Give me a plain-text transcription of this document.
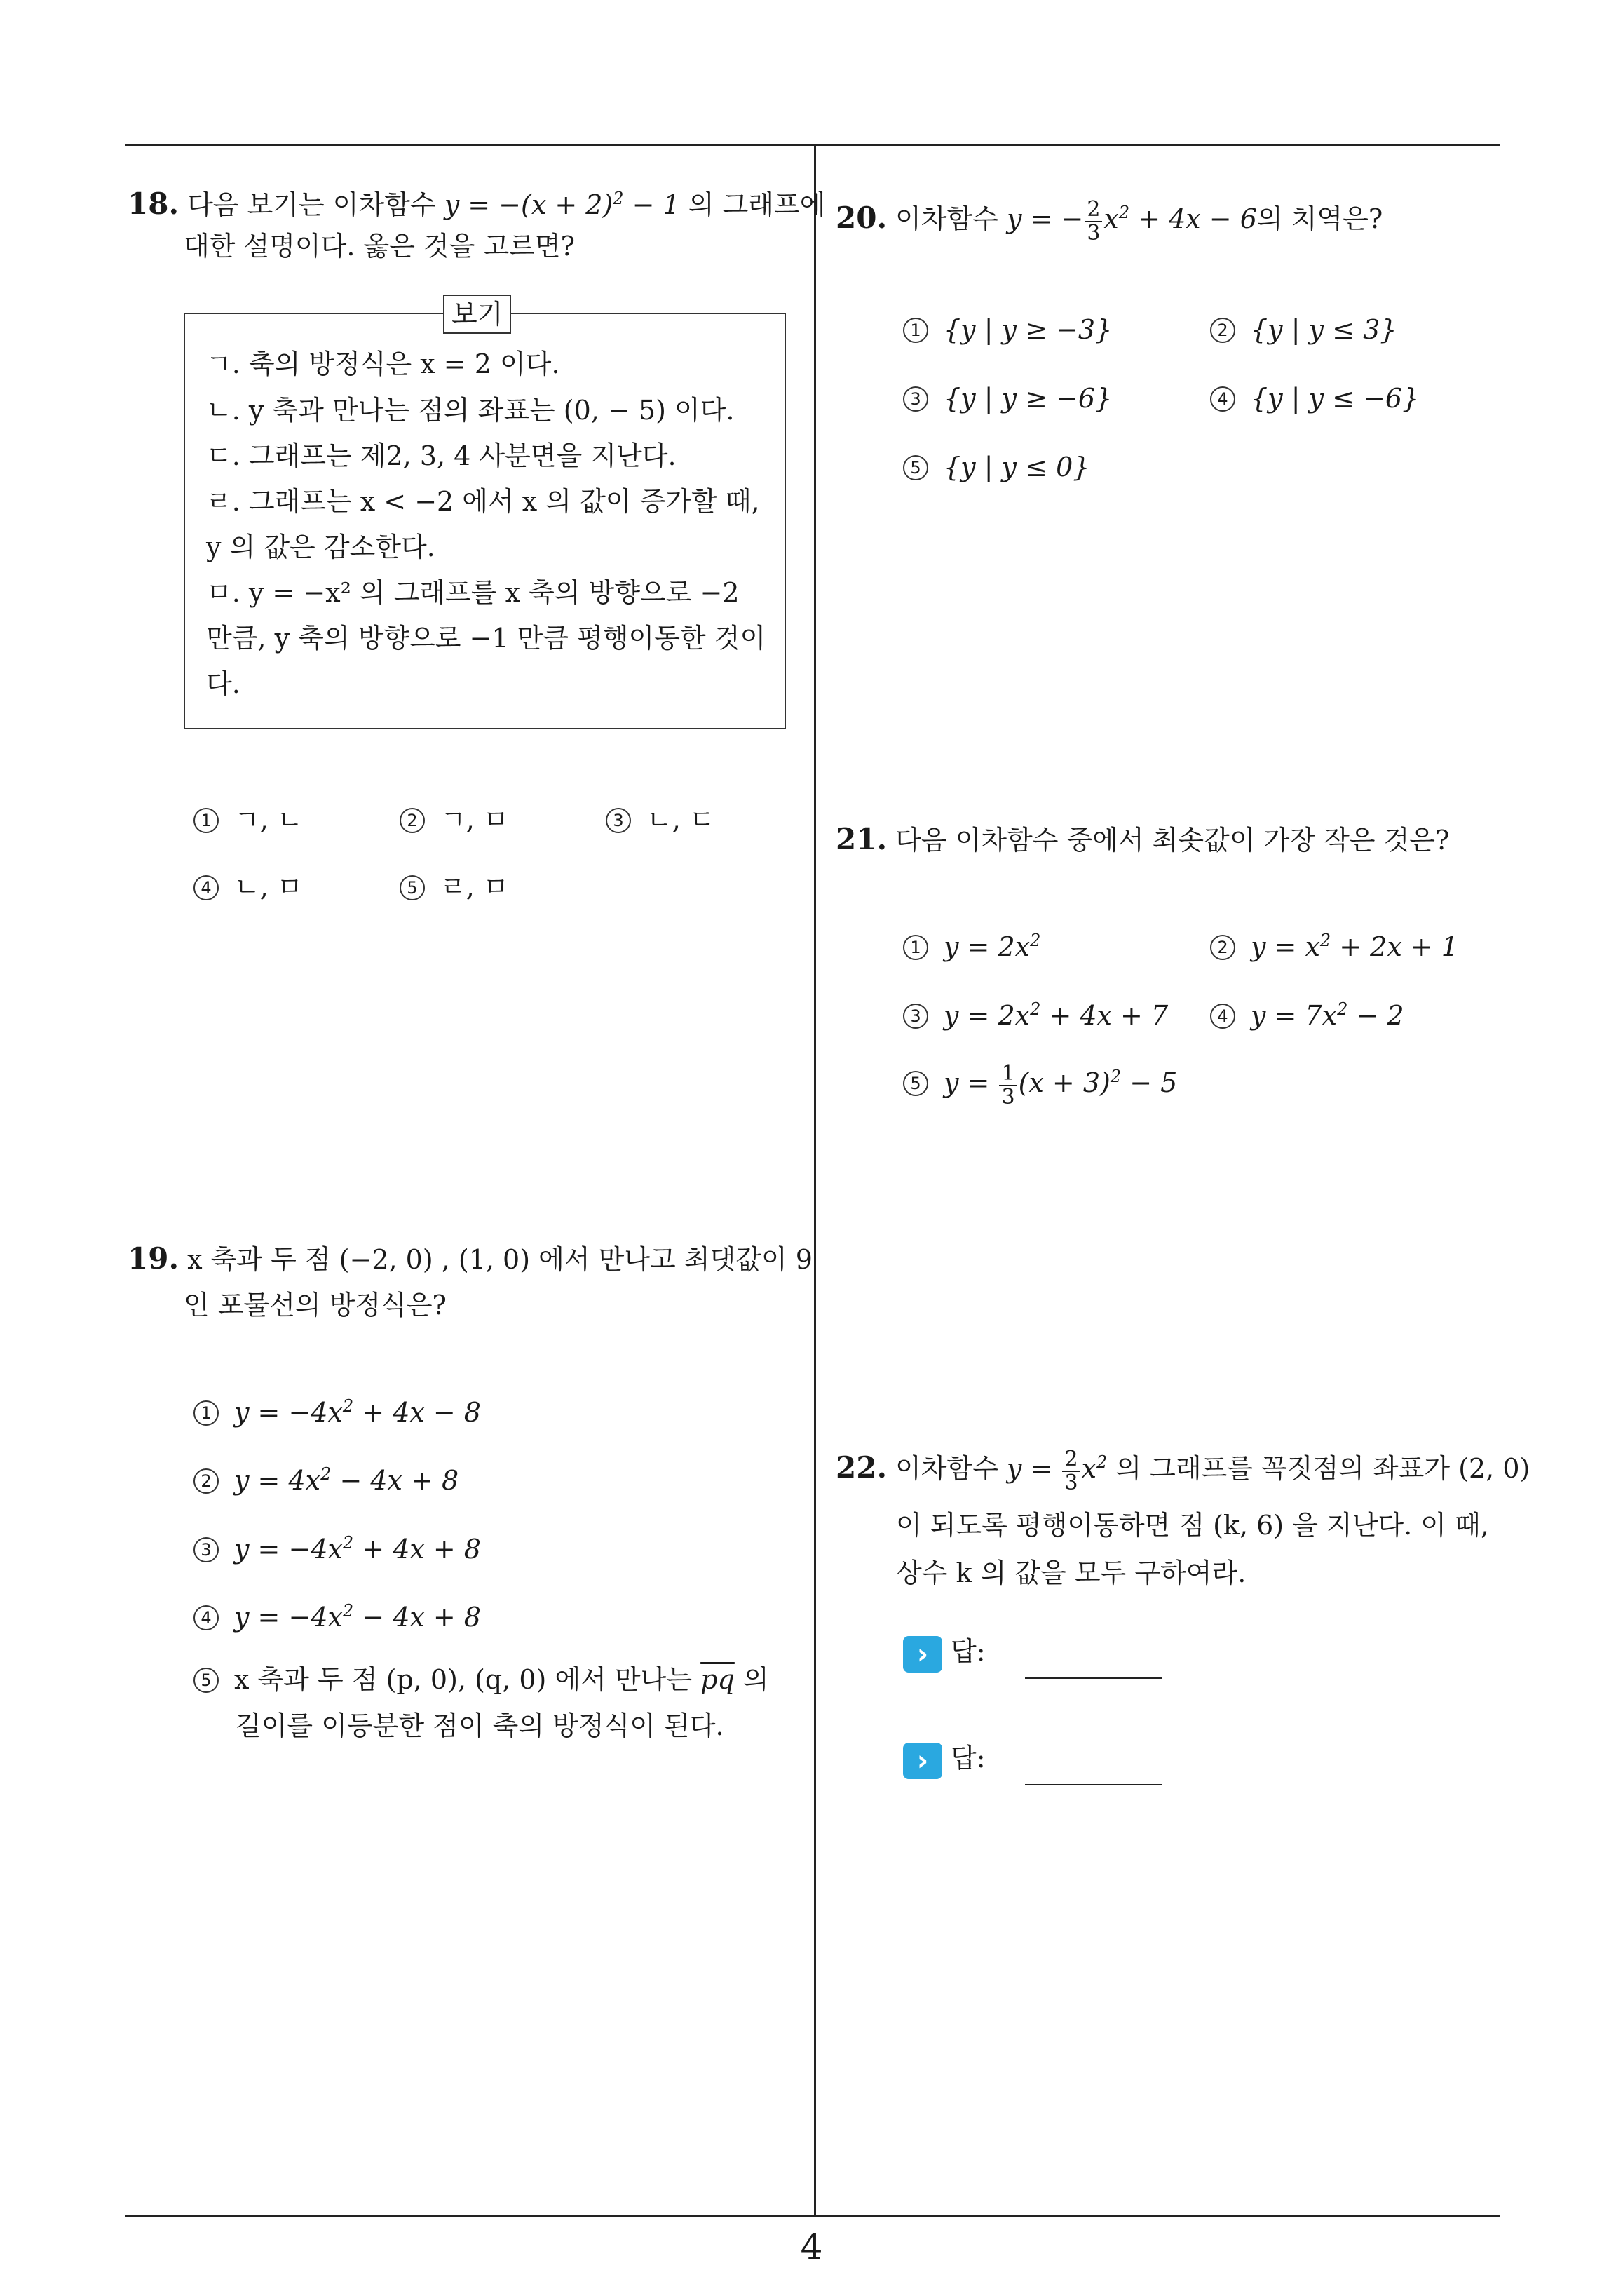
4
18. 다음 보기는 이차함수 $y = -(x + 2)^2 - 1$ 의 그래프에
대한 설명이다. 옳은 것을 고르면?
보기
ㄱ. 축의 방정식은 x = 2 이다.
ㄴ. y 축과 만나는 점의 좌표는 (0, − 5) 이다.
ㄷ. 그래프는 제2, 3, 4 사분면을 지난다.
ㄹ. 그래프는 x < −2 에서 x 의 값이 증가할 때,
y 의 값은 감소한다.
ㅁ. y = −x² 의 그래프를 x 축의 방향으로 −2
만큼, y 축의 방향으로 −1 만큼 평행이동한 것이
다.
1 ㄱ, ㄴ	2 ㄱ, ㅁ	3 ㄴ, ㄷ
4 ㄴ, ㅁ	5 ㄹ, ㅁ
19. x 축과 두 점 (−2, 0) , (1, 0) 에서 만나고 최댓값이 9
인 포물선의 방정식은?
1 $y = -4x^2 + 4x - 8$
2 $y = 4x^2 - 4x + 8$
3 $y = -4x^2 + 4x + 8$
4 $y = -4x^2 - 4x + 8$
5 x 축과 두 점 (p, 0), (q, 0) 에서 만나는 $\overline{pq}$ 의
길이를 이등분한 점이 축의 방정식이 된다.
20. 이차함수 y = − $\frac{2}{3} x^2 + 4x - 6$의 치역은?
1 {y | y ≥ −3}	2 {y | y ≤ 3}
3 {y | y ≥ −6}	4 {y | y ≤ −6}
5 {y | y ≤ 0}
21. 다음 이차함수 중에서 최솟값이 가장 작은 것은?
1 $y = 2x^2$	2 $y = x^2 + 2x + 1$
3 $y = 2x^2 + 4x + 7$	4 $y = 7x^2 - 2$
5 $y = \frac{1}{3} (x + 3)^2 - 5$
22. 이차함수 $y = \frac{2}{3} x^2$ 의 그래프를 꼭짓점의 좌표가 (2, 0)
이 되도록 평행이동하면 점 (k, 6) 을 지난다. 이 때,
상수 k 의 값을 모두 구하여라.
› 답:
› 답:
